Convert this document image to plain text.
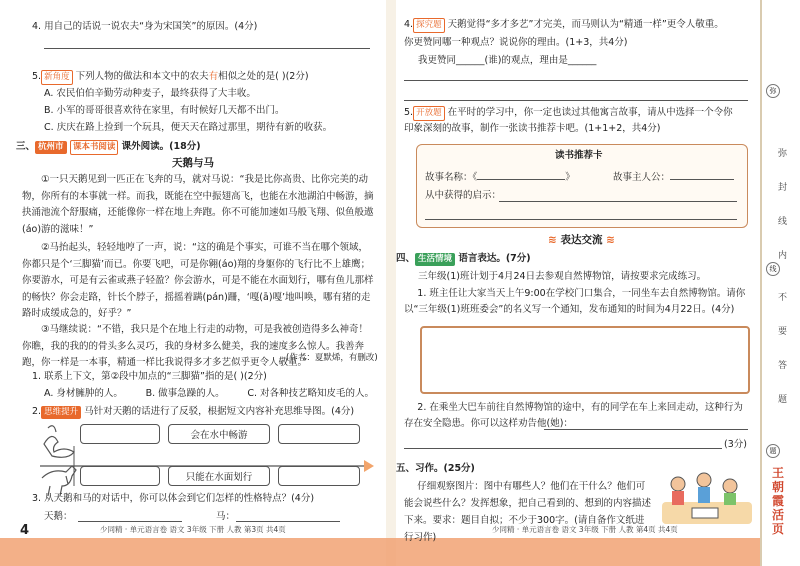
4. 用自己的话说一说农夫“身为宋国笑”的原因。(4分)
5. 新角度 下列人物的做法和本文中的农夫有相似之处的是( )(2分)
A. 农民伯伯辛勤劳动种麦子，最终获得了大丰收。
B. 小军的哥哥很喜欢待在家里，有时候好几天都不出门。
C. 庆庆在路上捡到一个玩具，便天天在路过那里，期待有新的收获。
三、 杭州市 课本书阅读 课外阅读。(18分)
天鹅与马
①一只天鹅见到一匹正在飞奔的马，就对马说：“我是比你高贵、比你完美的动物，你所有的本事就一样。而我，既能在空中振翅高飞，也能在水池湖泊中畅游，摘抉涌池流个舒服痛，还能像你一样在地上奔跑。你不可能加速如马般飞翔、似鱼般遨(áo)游的滋味！”
②马抬起头，轻轻地哼了一声，说：“这的确是个事实，可谁不当在哪个领域，你都只是个‘三脚猫’而已。你要飞吧，可是你翱(áo)翔的身躯你的飞行比不上雄鹰；你要游水，可是有云雀或燕子轻盈？你会游水，可是不能在水面划行，哪有鱼儿那样的畅快？你会走路，针长个脖子，摇摇着蹒(pán)跚，‘嘎(ā)嘎’地叫唤，哪有猪的走路时成缓成急的，好乎？”
③马继续说：“不错，我只是个在地上行走的动物，可是我被创造得多么神奇！你瞧，我的我的的骨头多么灵巧，我的身材多么健美，我的速度多么惊人。我善奔跑，你一样是一本事，精通一样比我说得多才多艺似乎更令人敬重。”
(作者：夏默烯，有删改)
1. 联系上下文，第②段中加点的“三脚猫”指的是( )(2分)
A. 身材臃肿的人。 B. 做事急躁的人。 C. 对各种技艺略知皮毛的人。
2. 思维提升 马针对天鹅的话进行了反驳，根据短文内容补充思维导图。(4分)
会在水中畅游
只能在水面划行
3. 从天鹅和马的对话中，你可以体会到它们怎样的性格特点？(4分)
天鹅：	马：
4	少同精 · 单元语言卷 语文 3年级 下册 人教 第3页 共4页
4. 探究题 天鹅觉得“多才多艺”才完美，而马则认为“精通一样”更令人敬重。
你更赞同哪一种观点？说说你的理由。(1+3，共4分)
我更赞同______(谁)的观点，理由是______
5. 开放题 在平时的学习中，你一定也读过其他寓言故事，请从中选择一个令你
印象深刻的故事，制作一张读书推荐卡吧。(1+1+2，共4分)
读书推荐卡
故事名称：《	》	故事主人公：
从中获得的启示：
≋ 表达交流 ≋
四、 生活情境 语言表达。(7分)
三年级(1)班计划于4月24日去参观自然博物馆，请按要求完成练习。
1. 班主任让大家当天上午9:00在学校门口集合，一同坐车去自然博物馆。请你以“三年级(1)班班委会”的名义写一个通知，发布通知的时间为4月22日。(4分)
2. 在乘坐大巴车前往自然博物馆的途中，有的同学在车上来回走动，这种行为存在安全隐患。你可以这样劝告他(她)：
(3分)
五、习作。(25分)
仔细观察图片：图中有哪些人？他们在干什么？他们可能会说些什么？发挥想象，把自己看到的、想到的内容描述下来。要求：题目自拟；不少于300字。(请自备作文纸进行习作)
少同精 · 单元语言卷 语文 3年级 下册 人教 第4页 共4页
弥
线
题
弥
封
线
内
不
要
答
题
王朝霞活页
